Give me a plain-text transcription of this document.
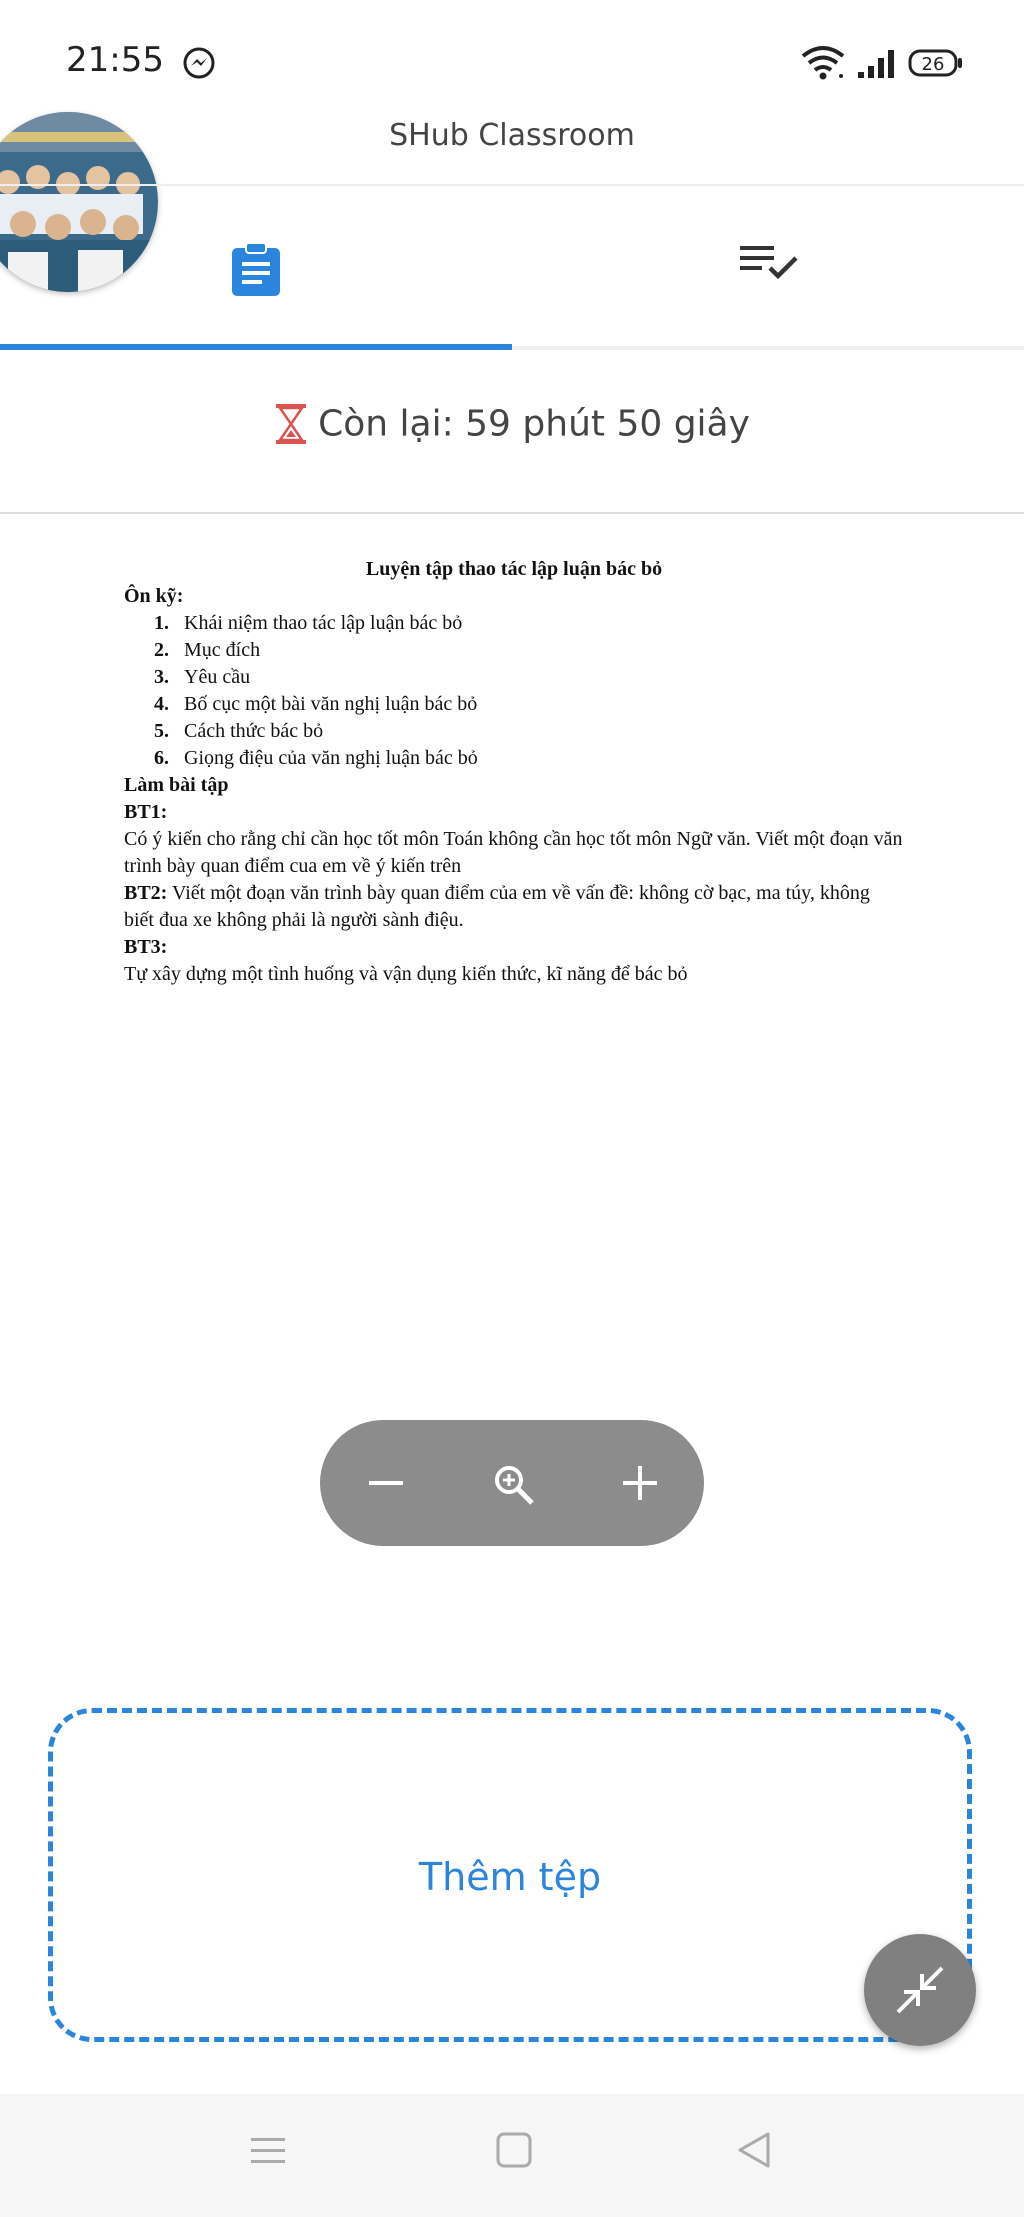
21:55	26
SHub Classroom
Còn lại: 59 phút 50 giây
Luyện tập thao tác lập luận bác bỏ
Ôn kỹ:
1. Khái niệm thao tác lập luận bác bỏ
2. Mục đích
3. Yêu cầu
4. Bố cục một bài văn nghị luận bác bỏ
5. Cách thức bác bỏ
6. Giọng điệu của văn nghị luận bác bỏ
Làm bài tập
BT1:
Có ý kiến cho rằng chỉ cần học tốt môn Toán không cần học tốt môn Ngữ văn. Viết một đoạn văn trình bày quan điểm cua em về ý kiến trên
BT2: Viết một đoạn văn trình bày quan điểm của em về vấn đề: không cờ bạc, ma túy, không biết đua xe không phải là người sành điệu.
BT3:
Tự xây dựng một tình huống và vận dụng kiến thức, kĩ năng để bác bỏ
Thêm tệp
